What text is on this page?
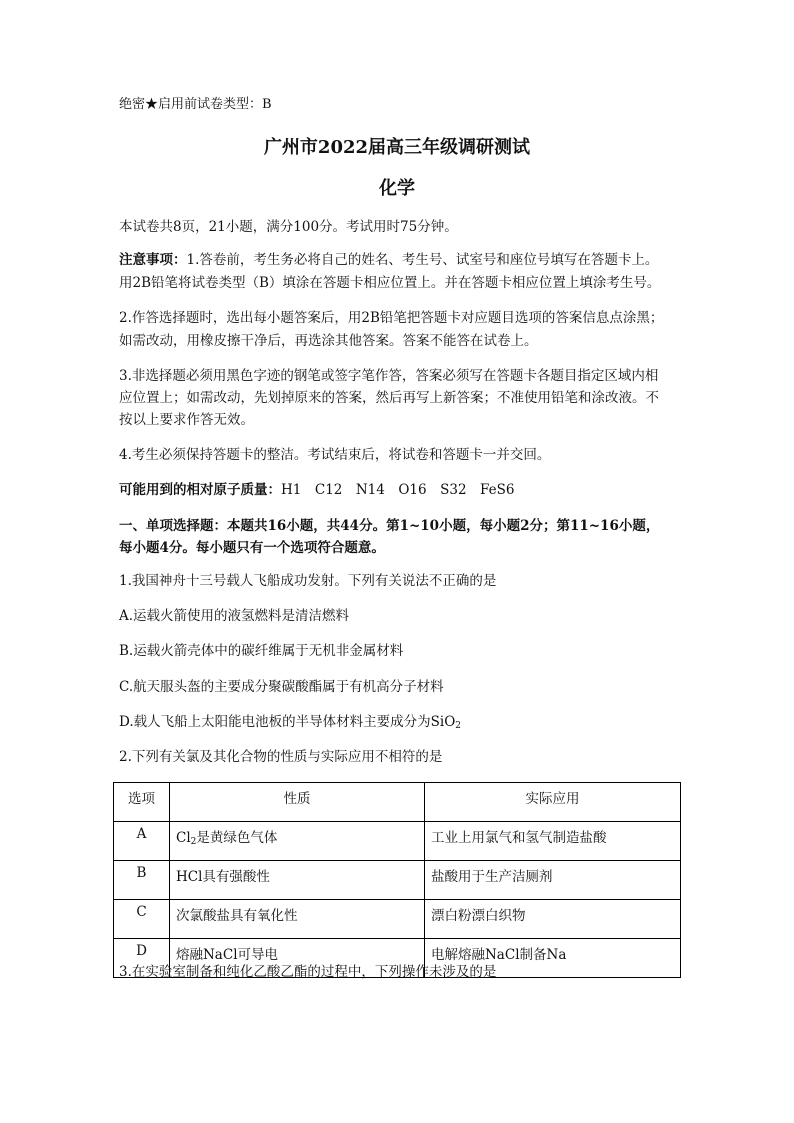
绝密★启用前试卷类型：B
广州市2022届高三年级调研测试
化学
本试卷共8页，21小题，满分100分。考试用时75分钟。
注意事项：1.答卷前，考生务必将自己的姓名、考生号、试室号和座位号填写在答题卡上。
用2B铅笔将试卷类型（B）填涂在答题卡相应位置上。并在答题卡相应位置上填涂考生号。
2.作答选择题时，选出每小题答案后，用2B铅笔把答题卡对应题目选项的答案信息点涂黑；
如需改动，用橡皮擦干净后，再选涂其他答案。答案不能答在试卷上。
3.非选择题必须用黑色字迹的钢笔或签字笔作答，答案必须写在答题卡各题目指定区域内相
应位置上；如需改动，先划掉原来的答案，然后再写上新答案；不准使用铅笔和涂改液。不
按以上要求作答无效。
4.考生必须保持答题卡的整洁。考试结束后，将试卷和答题卡一并交回。
可能用到的相对原子质量：H1　C12　N14　O16　S32　FeS6
一、单项选择题：本题共16小题，共44分。第1~10小题，每小题2分；第11~16小题，
每小题4分。每小题只有一个选项符合题意。
1.我国神舟十三号载人飞船成功发射。下列有关说法不正确的是
A.运载火箭使用的液氢燃料是清洁燃料
B.运载火箭壳体中的碳纤维属于无机非金属材料
C.航天服头盔的主要成分聚碳酸酯属于有机高分子材料
D.载人飞船上太阳能电池板的半导体材料主要成分为SiO$_2$
2.下列有关氯及其化合物的性质与实际应用不相符的是
选项	性质	实际应用
A	$Cl_2$是黄绿色气体	工业上用氯气和氢气制造盐酸
B	HCl具有强酸性	盐酸用于生产洁厕剂
C	次氯酸盐具有氧化性	漂白粉漂白织物
D	熔融NaCl可导电	电解熔融NaCl制备Na
3.在实验室制备和纯化乙酸乙酯的过程中，下列操作未涉及的是
